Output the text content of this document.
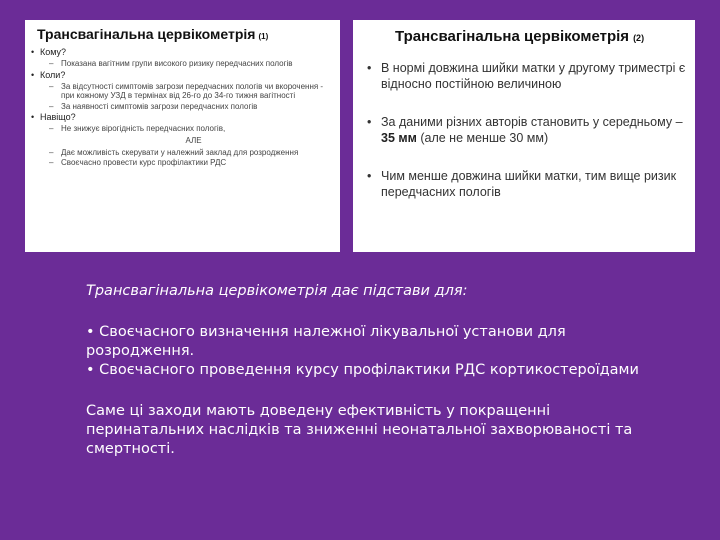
Трансвагінальна цервікометрія (1)
• Кому?
– Показана вагітним групи високого ризику передчасних пологів
• Коли?
– За відсутності симптомів загрози передчасних пологів чи вкорочення - при кожному УЗД в термінах від 26-го до 34-го тижня вагітності
– За наявності симптомів загрози передчасних пологів
• Навіщо?
– Не знижує вірогідність передчасних пологів,
АЛЕ
– Дає можливість скерувати у належний заклад для розродження
– Своєчасно провести курс профілактики РДС
Трансвагінальна цервікометрія (2)
• В нормі довжина шийки матки у другому триместрі є відносно постійною величиною
• За даними різних авторів становить у середньому – 35 мм (але не менше 30 мм)
• Чим менше довжина шийки матки, тим вище ризик передчасних пологів

Трансвагінальна цервікометрія дає підстави для:

• Своєчасного визначення належної лікувальної установи для розродження.

• Своєчасного проведення курсу профілактики РДС кортикостероїдами

Саме ці заходи мають доведену ефективність у покращенні перинатальних наслідків та зниженні неонатальної захворюваності та смертності.
